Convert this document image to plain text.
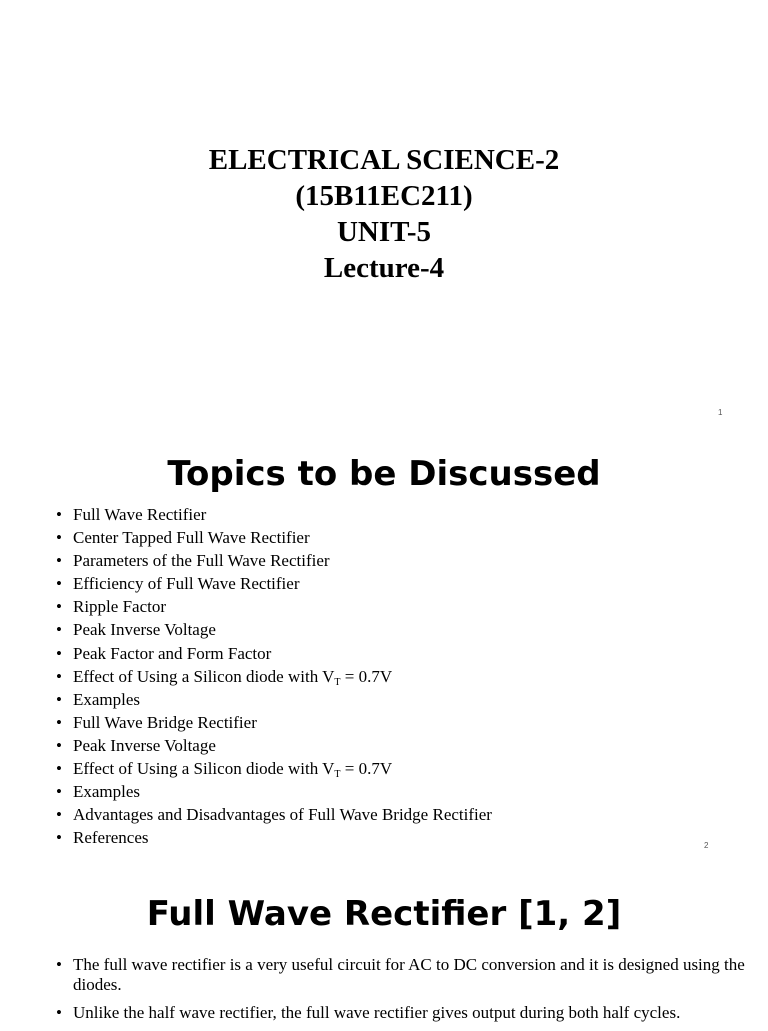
ELECTRICAL SCIENCE-2
(15B11EC211)
UNIT-5
Lecture-4
1
Topics to be Discussed
• Full Wave Rectifier
• Center Tapped Full Wave Rectifier
• Parameters of the Full Wave Rectifier
• Efficiency of Full Wave Rectifier
• Ripple Factor
• Peak Inverse Voltage
• Peak Factor and Form Factor
• Effect of Using a Silicon diode with $V_T = 0.7V$
• Examples
• Full Wave Bridge Rectifier
• Peak Inverse Voltage
• Effect of Using a Silicon diode with $V_T = 0.7V$
• Examples
• Advantages and Disadvantages of Full Wave Bridge Rectifier
• References	2
Full Wave Rectifier [1, 2]
• The full wave rectifier is a very useful circuit for AC to DC conversion and it is designed using the diodes.
• Unlike the half wave rectifier, the full wave rectifier gives output during both half cycles.
